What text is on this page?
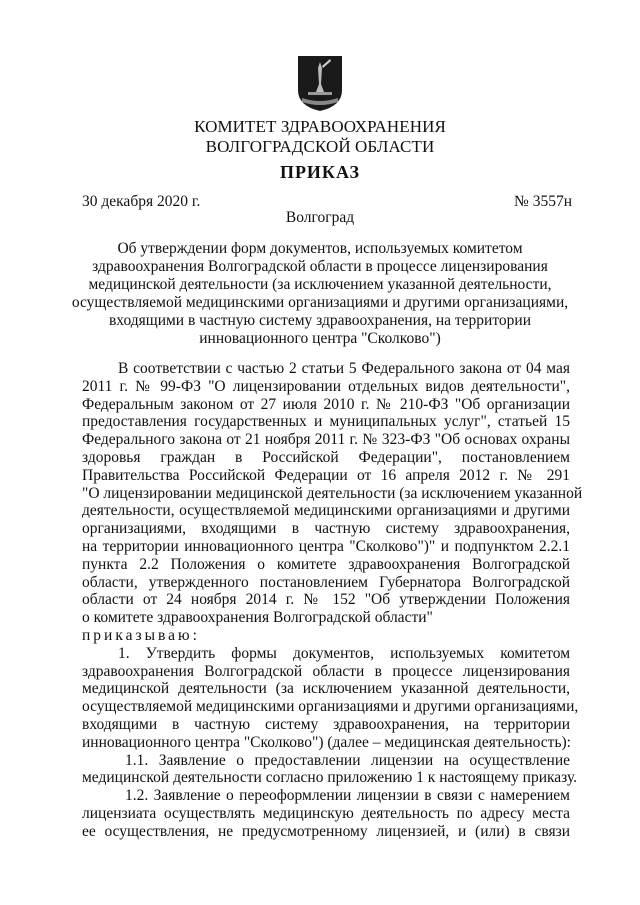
КОМИТЕТ ЗДРАВООХРАНЕНИЯ
ВОЛГОГРАДСКОЙ ОБЛАСТИ
ПРИКАЗ
30 декабря 2020 г.	№ 3557н
Волгоград
Об утверждении форм документов, используемых комитетом
здравоохранения Волгоградской области в процессе лицензирования
медицинской деятельности (за исключением указанной деятельности,
осуществляемой медицинскими организациями и другими организациями,
входящими в частную систему здравоохранения, на территории
инновационного центра "Сколково")
В соответствии с частью 2 статьи 5 Федерального закона от 04 мая
2011 г. № 99-ФЗ "О лицензировании отдельных видов деятельности",
Федеральным законом от 27 июля 2010 г. № 210-ФЗ "Об организации
предоставления государственных и муниципальных услуг", статьей 15
Федерального закона от 21 ноября 2011 г. № 323-ФЗ "Об основах охраны
здоровья граждан в Российской Федерации", постановлением
Правительства Российской Федерации от 16 апреля 2012 г. № 291
"О лицензировании медицинской деятельности (за исключением указанной
деятельности, осуществляемой медицинскими организациями и другими
организациями, входящими в частную систему здравоохранения,
на территории инновационного центра "Сколково")" и подпунктом 2.2.1
пункта 2.2 Положения о комитете здравоохранения Волгоградской
области, утвержденного постановлением Губернатора Волгоградской
области от 24 ноября 2014 г. № 152 "Об утверждении Положения
о комитете здравоохранения Волгоградской области"
приказываю:
1. Утвердить формы документов, используемых комитетом
здравоохранения Волгоградской области в процессе лицензирования
медицинской деятельности (за исключением указанной деятельности,
осуществляемой медицинскими организациями и другими организациями,
входящими в частную систему здравоохранения, на территории
инновационного центра "Сколково") (далее – медицинская деятельность):
1.1. Заявление о предоставлении лицензии на осуществление
медицинской деятельности согласно приложению 1 к настоящему приказу.
1.2. Заявление о переоформлении лицензии в связи с намерением
лицензиата осуществлять медицинскую деятельность по адресу места
ее осуществления, не предусмотренному лицензией, и (или) в связи
